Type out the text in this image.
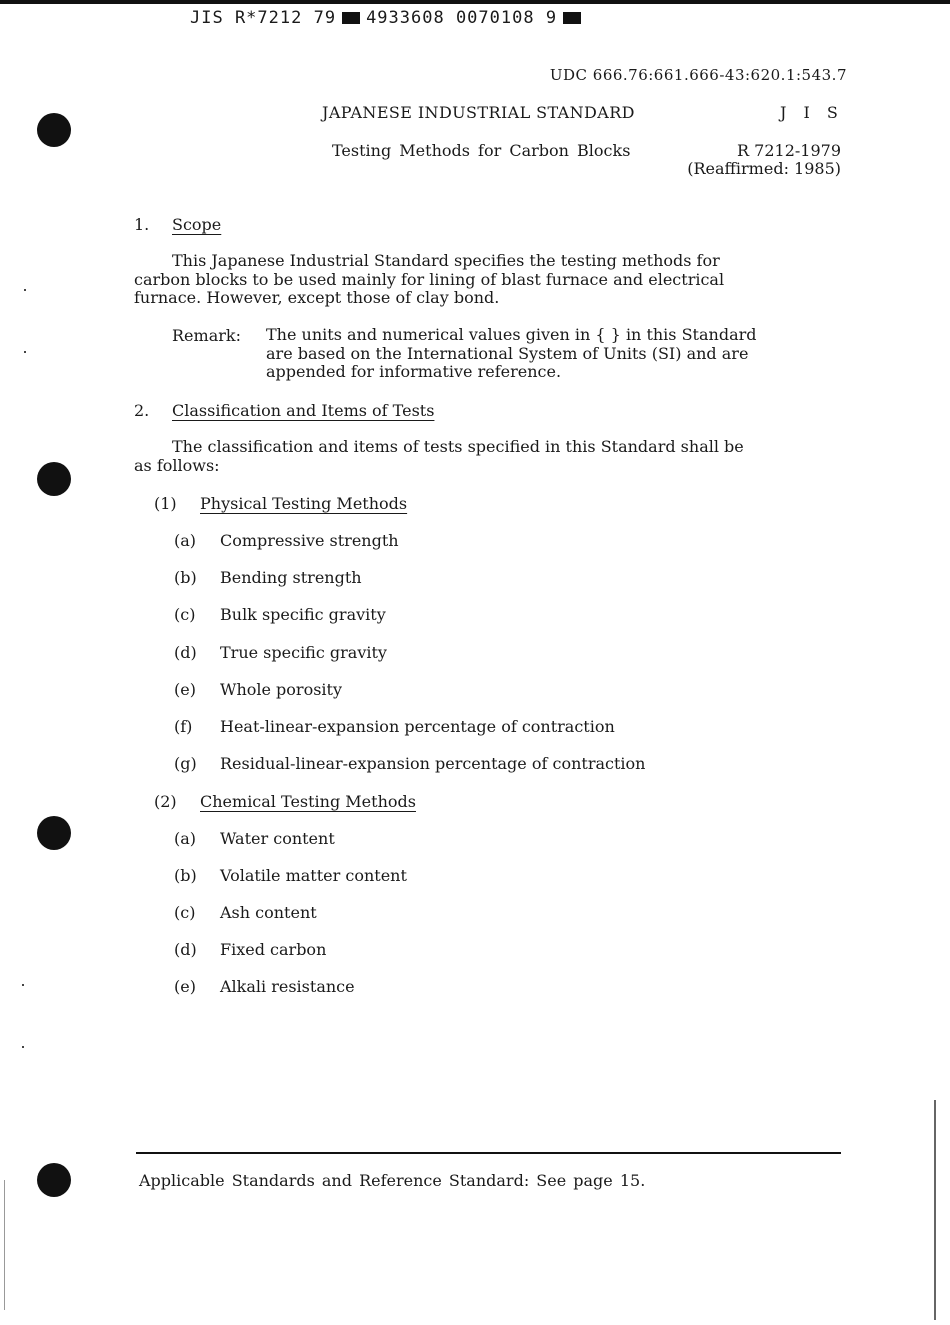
JIS R*7212 79 4933608 0070108 9
UDC 666.76:661.666-43:620.1:543.7
JAPANESE INDUSTRIAL STANDARD	J I S
Testing Methods for Carbon Blocks	R 7212-1979
(Reaffirmed: 1985)
1. Scope
This Japanese Industrial Standard specifies the testing methods for
carbon blocks to be used mainly for lining of blast furnace and electrical
furnace. However, except those of clay bond.
Remark: The units and numerical values given in { } in this Standard
are based on the International System of Units (SI) and are
appended for informative reference.
2. Classification and Items of Tests
The classification and items of tests specified in this Standard shall be
as follows:
(1) Physical Testing Methods
(a) Compressive strength
(b) Bending strength
(c) Bulk specific gravity
(d) True specific gravity
(e) Whole porosity
(f) Heat-linear-expansion percentage of contraction
(g) Residual-linear-expansion percentage of contraction
(2) Chemical Testing Methods
(a) Water content
(b) Volatile matter content
(c) Ash content
(d) Fixed carbon
(e) Alkali resistance
Applicable Standards and Reference Standard: See page 15.
